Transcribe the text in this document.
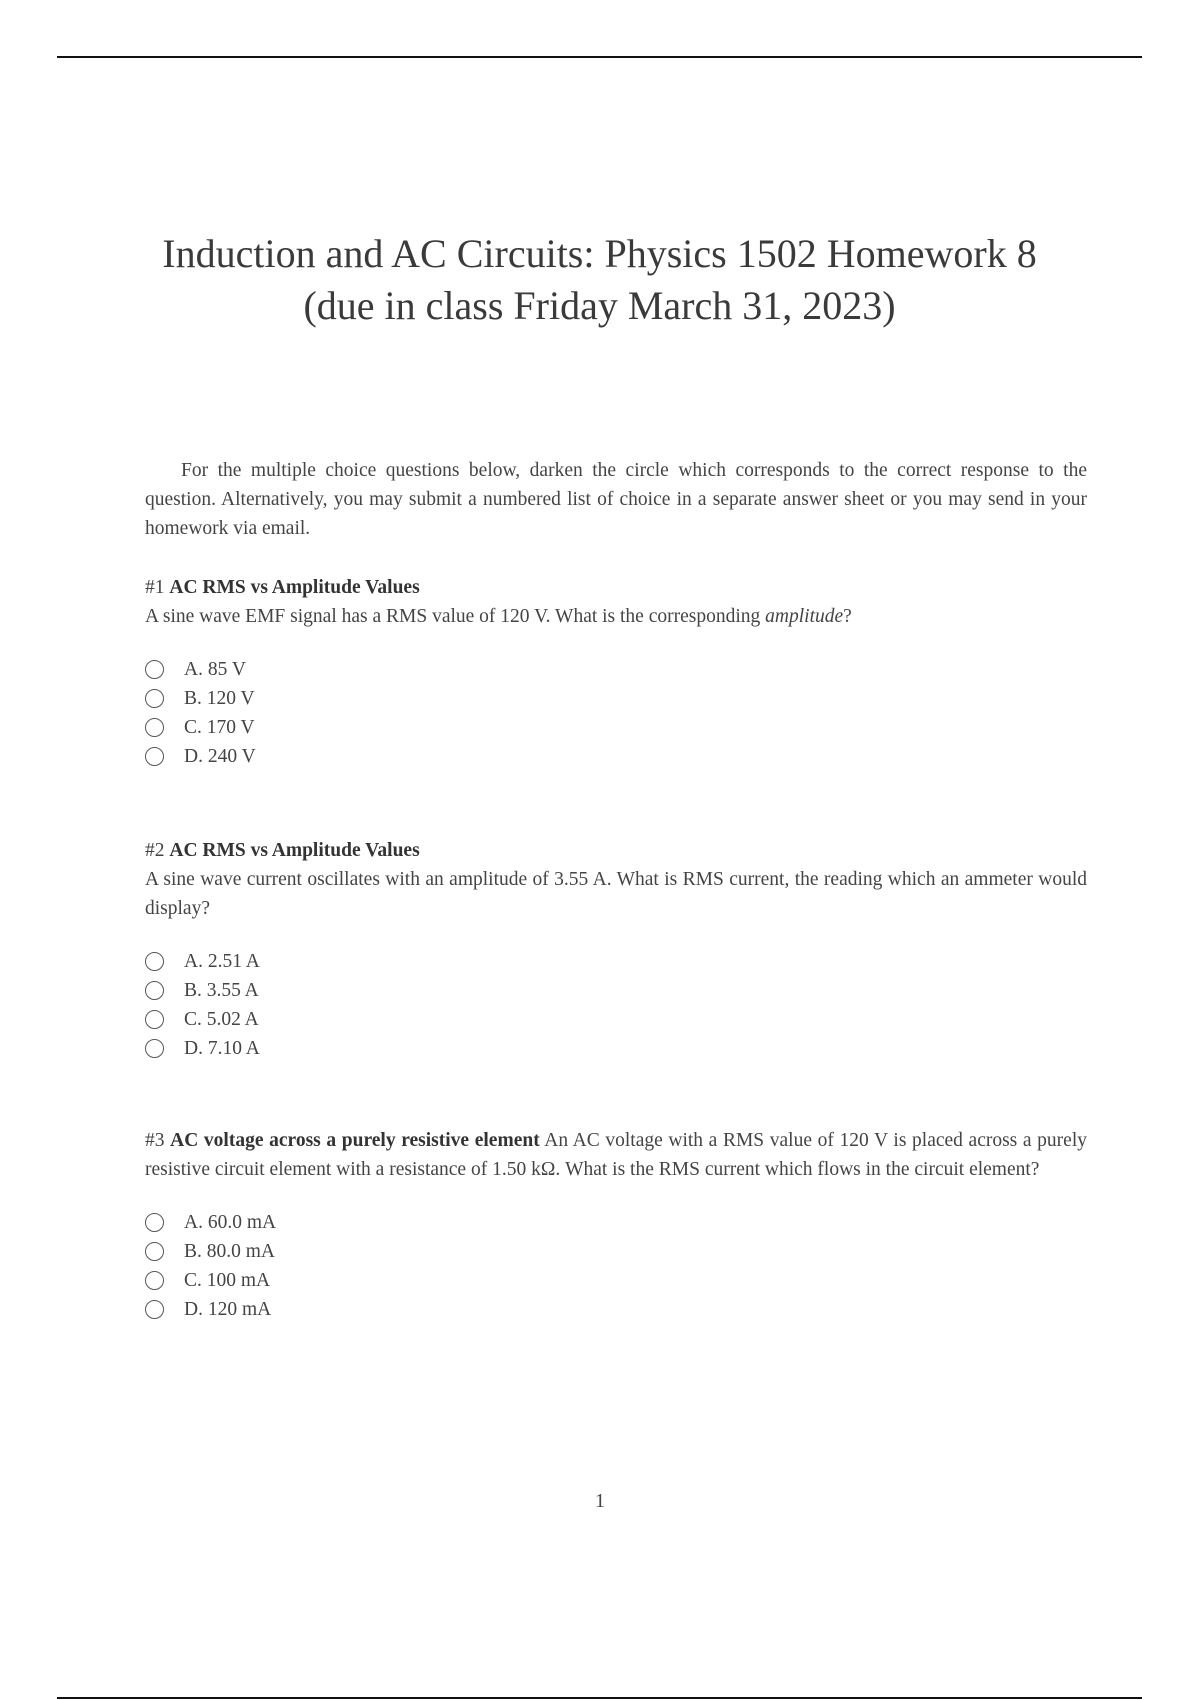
Induction and AC Circuits: Physics 1502 Homework 8
(due in class Friday March 31, 2023)
For the multiple choice questions below, darken the circle which corresponds to the correct response to the question. Alternatively, you may submit a numbered list of choice in a separate answer sheet or you may send in your homework via email.
#1 AC RMS vs Amplitude Values
A sine wave EMF signal has a RMS value of 120 V. What is the corresponding amplitude?
A. 85 V
B. 120 V
C. 170 V
D. 240 V
#2 AC RMS vs Amplitude Values
A sine wave current oscillates with an amplitude of 3.55 A. What is RMS current, the reading which an ammeter would display?
A. 2.51 A
B. 3.55 A
C. 5.02 A
D. 7.10 A
#3 AC voltage across a purely resistive element An AC voltage with a RMS value of 120 V is placed across a purely resistive circuit element with a resistance of 1.50 kΩ. What is the RMS current which flows in the circuit element?
A. 60.0 mA
B. 80.0 mA
C. 100 mA
D. 120 mA
1
